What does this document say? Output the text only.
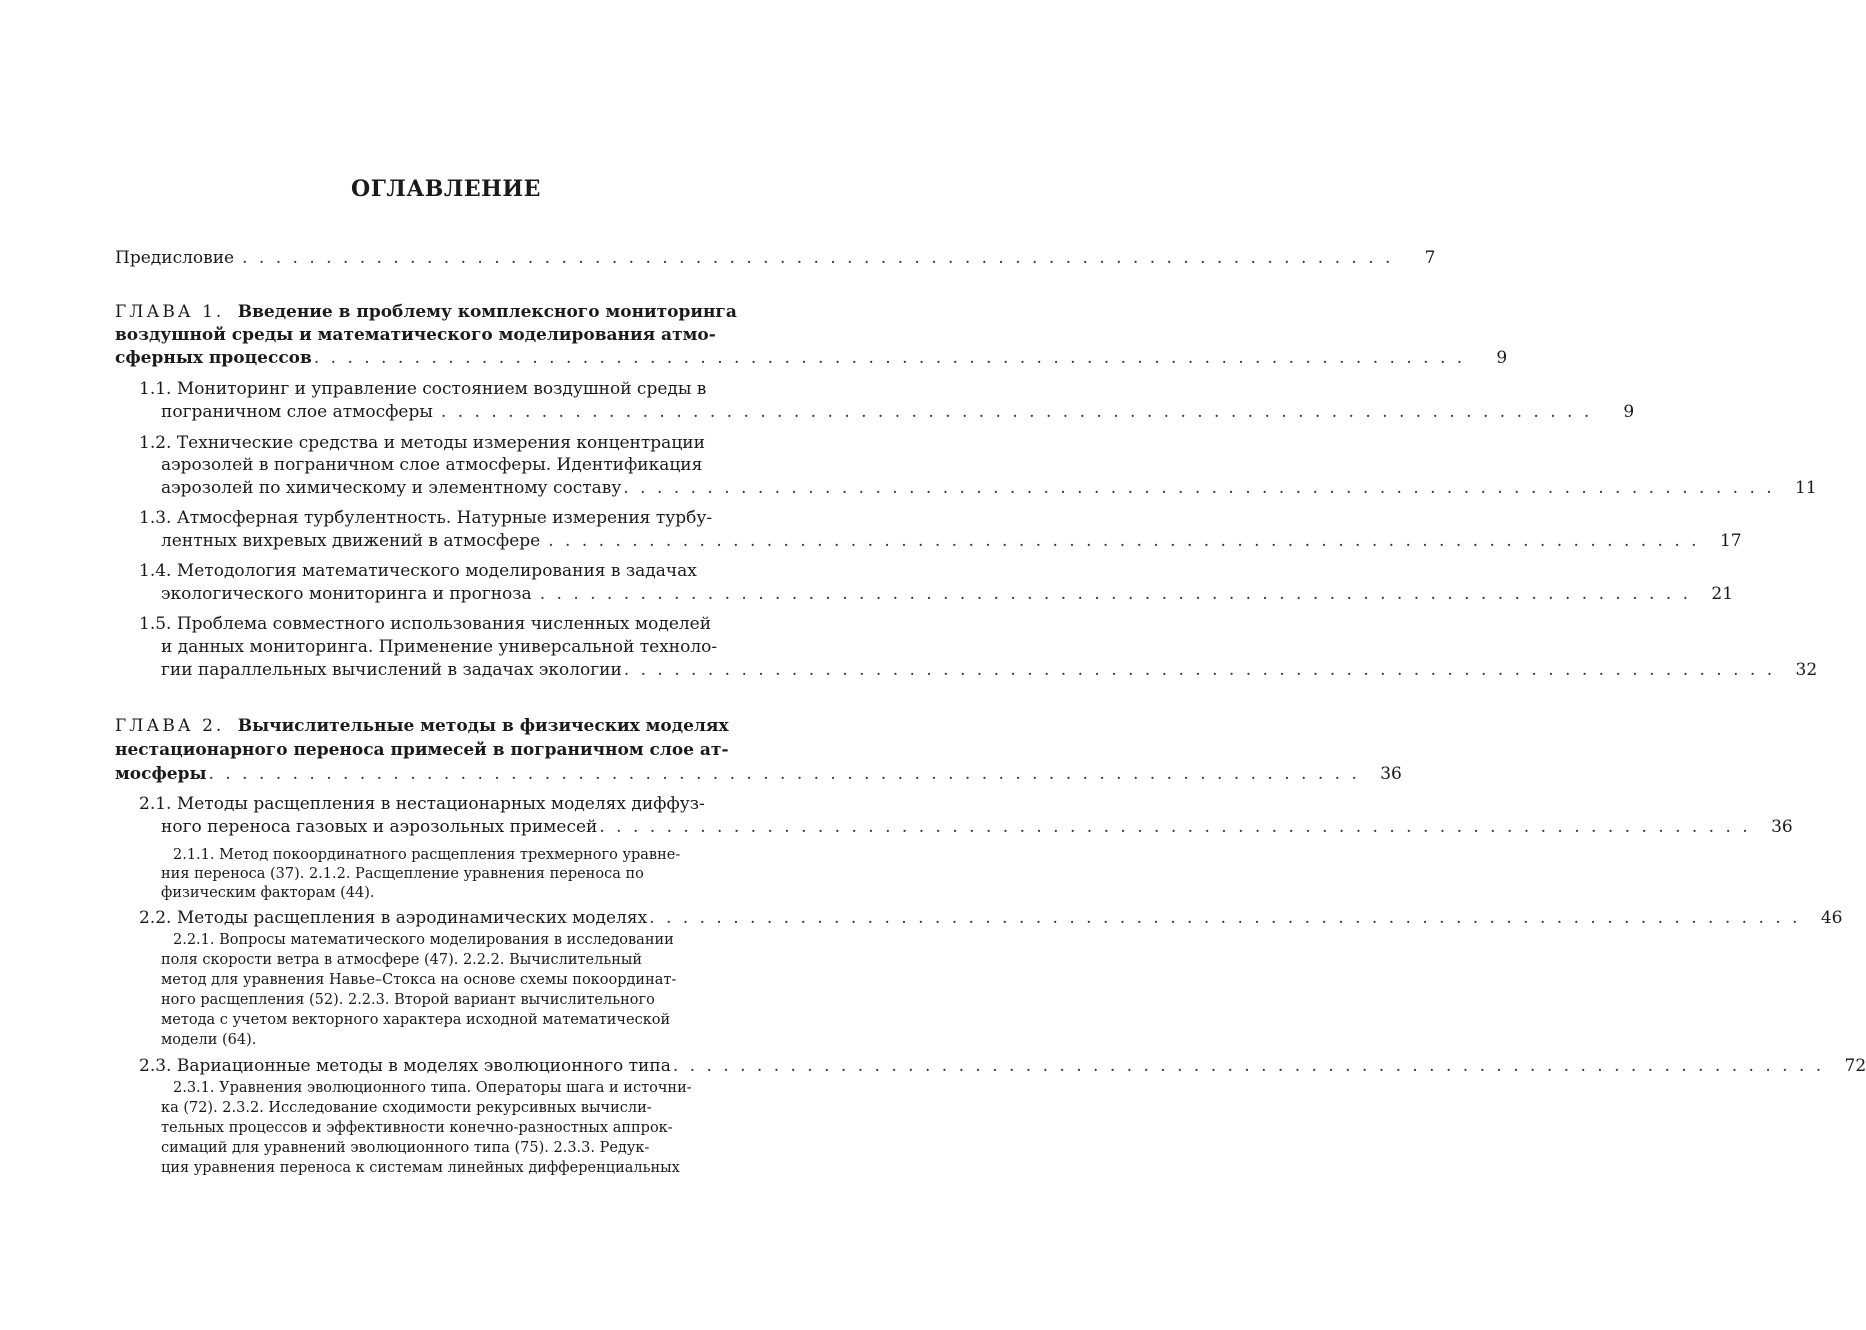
ОГЛАВЛЕНИЕ
Предисловие . . . . . . . . . . . . . . . . . . . . . . . . . . . . . . . . . . . . . . . . . . . . . . . . . . . . . . . . . . . . . . . . . . . . .	7
ГЛАВА 1. Введение в проблему комплексного мониторинга
воздушной среды и математического моделирования атмо-
сферных процессов . . . . . . . . . . . . . . . . . . . . . . . . . . . . . . . . . . . . . . . . . . . . . . . . . . . . . . . . . . . . . . . . . . . . .	9
1.1. Мониторинг и управление состоянием воздушной среды в
пограничном слое атмосферы . . . . . . . . . . . . . . . . . . . . . . . . . . . . . . . . . . . . . . . . . . . . . . . . . . . . . . . . . . . . . . . . . . . . .	9
1.2. Технические средства и методы измерения концентрации
аэрозолей в пограничном слое атмосферы. Идентификация
аэрозолей по химическому и элементному составу . . . . . . . . . . . . . . . . . . . . . . . . . . . . . . . . . . . . . . . . . . . . . . . . . . . . . . . . . . . . . . . . . . . . .	11
1.3. Атмосферная турбулентность. Натурные измерения турбу-
лентных вихревых движений в атмосфере . . . . . . . . . . . . . . . . . . . . . . . . . . . . . . . . . . . . . . . . . . . . . . . . . . . . . . . . . . . . . . . . . . . . .	17
1.4. Методология математического моделирования в задачах
экологического мониторинга и прогноза . . . . . . . . . . . . . . . . . . . . . . . . . . . . . . . . . . . . . . . . . . . . . . . . . . . . . . . . . . . . . . . . . . . . .	21
1.5. Проблема совместного использования численных моделей
и данных мониторинга. Применение универсальной техноло-
гии параллельных вычислений в задачах экологии . . . . . . . . . . . . . . . . . . . . . . . . . . . . . . . . . . . . . . . . . . . . . . . . . . . . . . . . . . . . . . . . . . . . .	32
ГЛАВА 2. Вычислительные методы в физических моделях
нестационарного переноса примесей в пограничном слое ат-
мосферы . . . . . . . . . . . . . . . . . . . . . . . . . . . . . . . . . . . . . . . . . . . . . . . . . . . . . . . . . . . . . . . . . . . . .	36
2.1. Методы расщепления в нестационарных моделях диффуз-
ного переноса газовых и аэрозольных примесей . . . . . . . . . . . . . . . . . . . . . . . . . . . . . . . . . . . . . . . . . . . . . . . . . . . . . . . . . . . . . . . . . . . . .	36
2.1.1. Метод покоординатного расщепления трехмерного уравне-
ния переноса (37). 2.1.2. Расщепление уравнения переноса по
физическим факторам (44).
2.2. Методы расщепления в аэродинамических моделях . . . . . . . . . . . . . . . . . . . . . . . . . . . . . . . . . . . . . . . . . . . . . . . . . . . . . . . . . . . . . . . . . . . . .	46
2.2.1. Вопросы математического моделирования в исследовании
поля скорости ветра в атмосфере (47). 2.2.2. Вычислительный
метод для уравнения Навье–Стокса на основе схемы покоординат-
ного расщепления (52). 2.2.3. Второй вариант вычислительного
метода с учетом векторного характера исходной математической
модели (64).
2.3. Вариационные методы в моделях эволюционного типа . . . . . . . . . . . . . . . . . . . . . . . . . . . . . . . . . . . . . . . . . . . . . . . . . . . . . . . . . . . . . . . . . . . . .	72
2.3.1. Уравнения эволюционного типа. Операторы шага и источни-
ка (72). 2.3.2. Исследование сходимости рекурсивных вычисли-
тельных процессов и эффективности конечно-разностных аппрок-
симаций для уравнений эволюционного типа (75). 2.3.3. Редук-
ция уравнения переноса к системам линейных дифференциальных
